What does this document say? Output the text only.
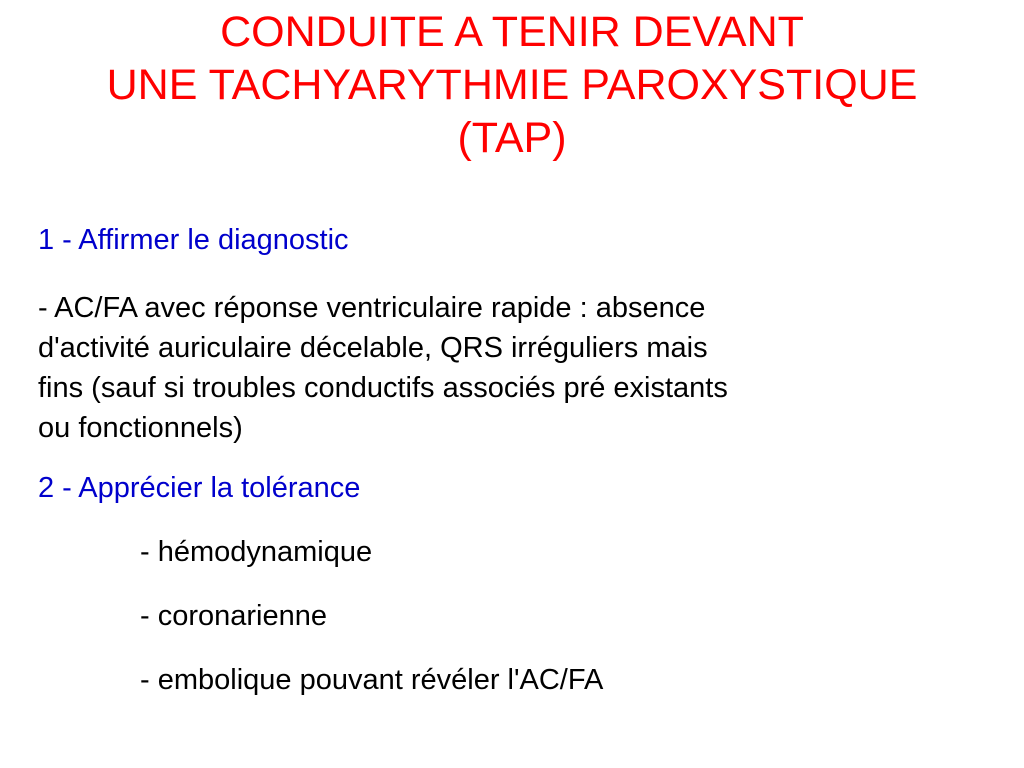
CONDUITE A TENIR DEVANT
UNE TACHYARYTHMIE PAROXYSTIQUE
(TAP)
1 - Affirmer le diagnostic
- AC/FA avec réponse ventriculaire rapide : absence
d'activité auriculaire décelable, QRS irréguliers mais
fins (sauf si troubles conductifs associés pré existants
ou fonctionnels)
2 - Apprécier la tolérance
- hémodynamique
- coronarienne
- embolique pouvant révéler l'AC/FA
